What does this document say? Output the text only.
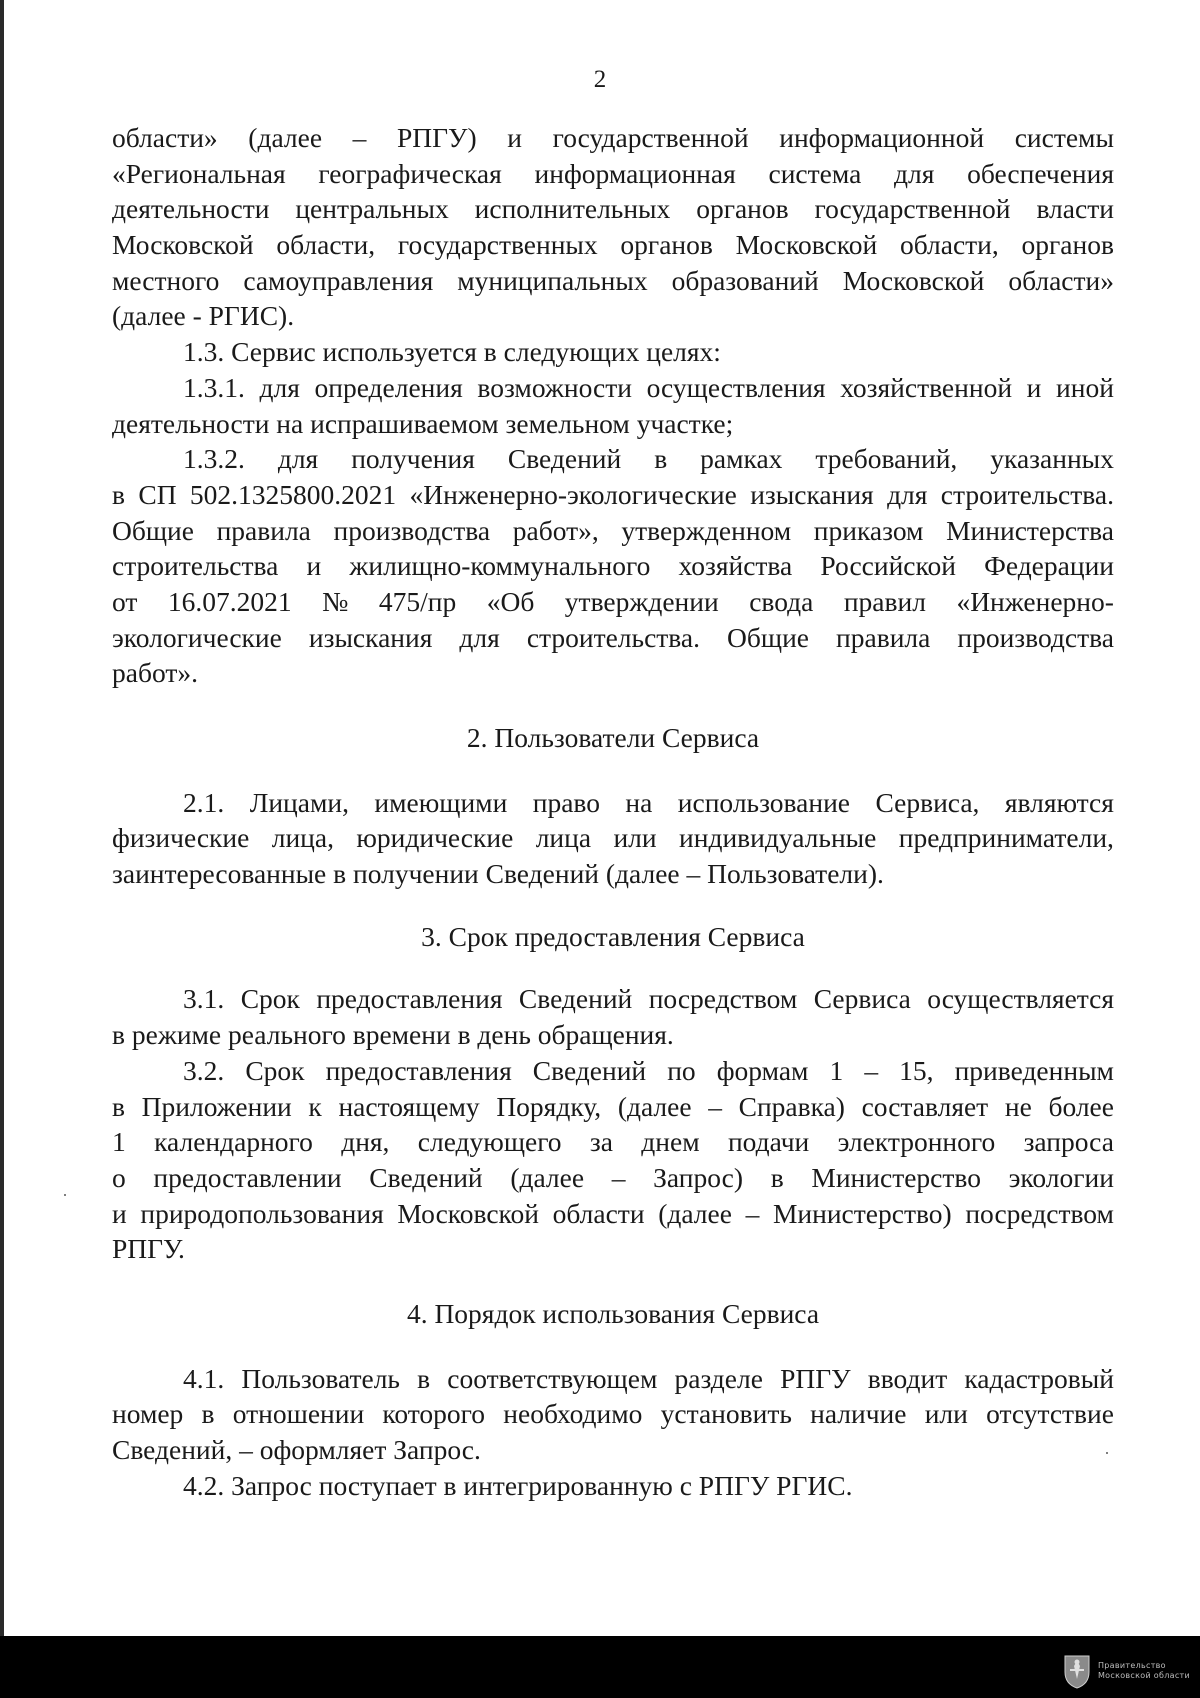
2
области» (далее – РПГУ) и государственной информационной системы
«Региональная географическая информационная система для обеспечения
деятельности центральных исполнительных органов государственной власти
Московской области, государственных органов Московской области, органов
местного самоуправления муниципальных образований Московской области»
(далее - РГИС).
1.3. Сервис используется в следующих целях:
1.3.1. для определения возможности осуществления хозяйственной и иной
деятельности на испрашиваемом земельном участке;
1.3.2. для получения Сведений в рамках требований, указанных
в СП 502.1325800.2021 «Инженерно-экологические изыскания для строительства.
Общие правила производства работ», утвержденном приказом Министерства
строительства и жилищно-коммунального хозяйства Российской Федерации
от 16.07.2021 № 475/пр «Об утверждении свода правил «Инженерно-
экологические изыскания для строительства. Общие правила производства
работ».
2. Пользователи Сервиса
2.1. Лицами, имеющими право на использование Сервиса, являются
физические лица, юридические лица или индивидуальные предприниматели,
заинтересованные в получении Сведений (далее – Пользователи).
3. Срок предоставления Сервиса
3.1. Срок предоставления Сведений посредством Сервиса осуществляется
в режиме реального времени в день обращения.
3.2. Срок предоставления Сведений по формам 1 – 15, приведенным
в Приложении к настоящему Порядку, (далее – Справка) составляет не более
1 календарного дня, следующего за днем подачи электронного запроса
о предоставлении Сведений (далее – Запрос) в Министерство экологии
и природопользования Московской области (далее – Министерство) посредством
РПГУ.
4. Порядок использования Сервиса
4.1. Пользователь в соответствующем разделе РПГУ вводит кадастровый
номер в отношении которого необходимо установить наличие или отсутствие
Сведений, – оформляет Запрос.
4.2. Запрос поступает в интегрированную с РПГУ РГИС.
Правительство
Московской области
